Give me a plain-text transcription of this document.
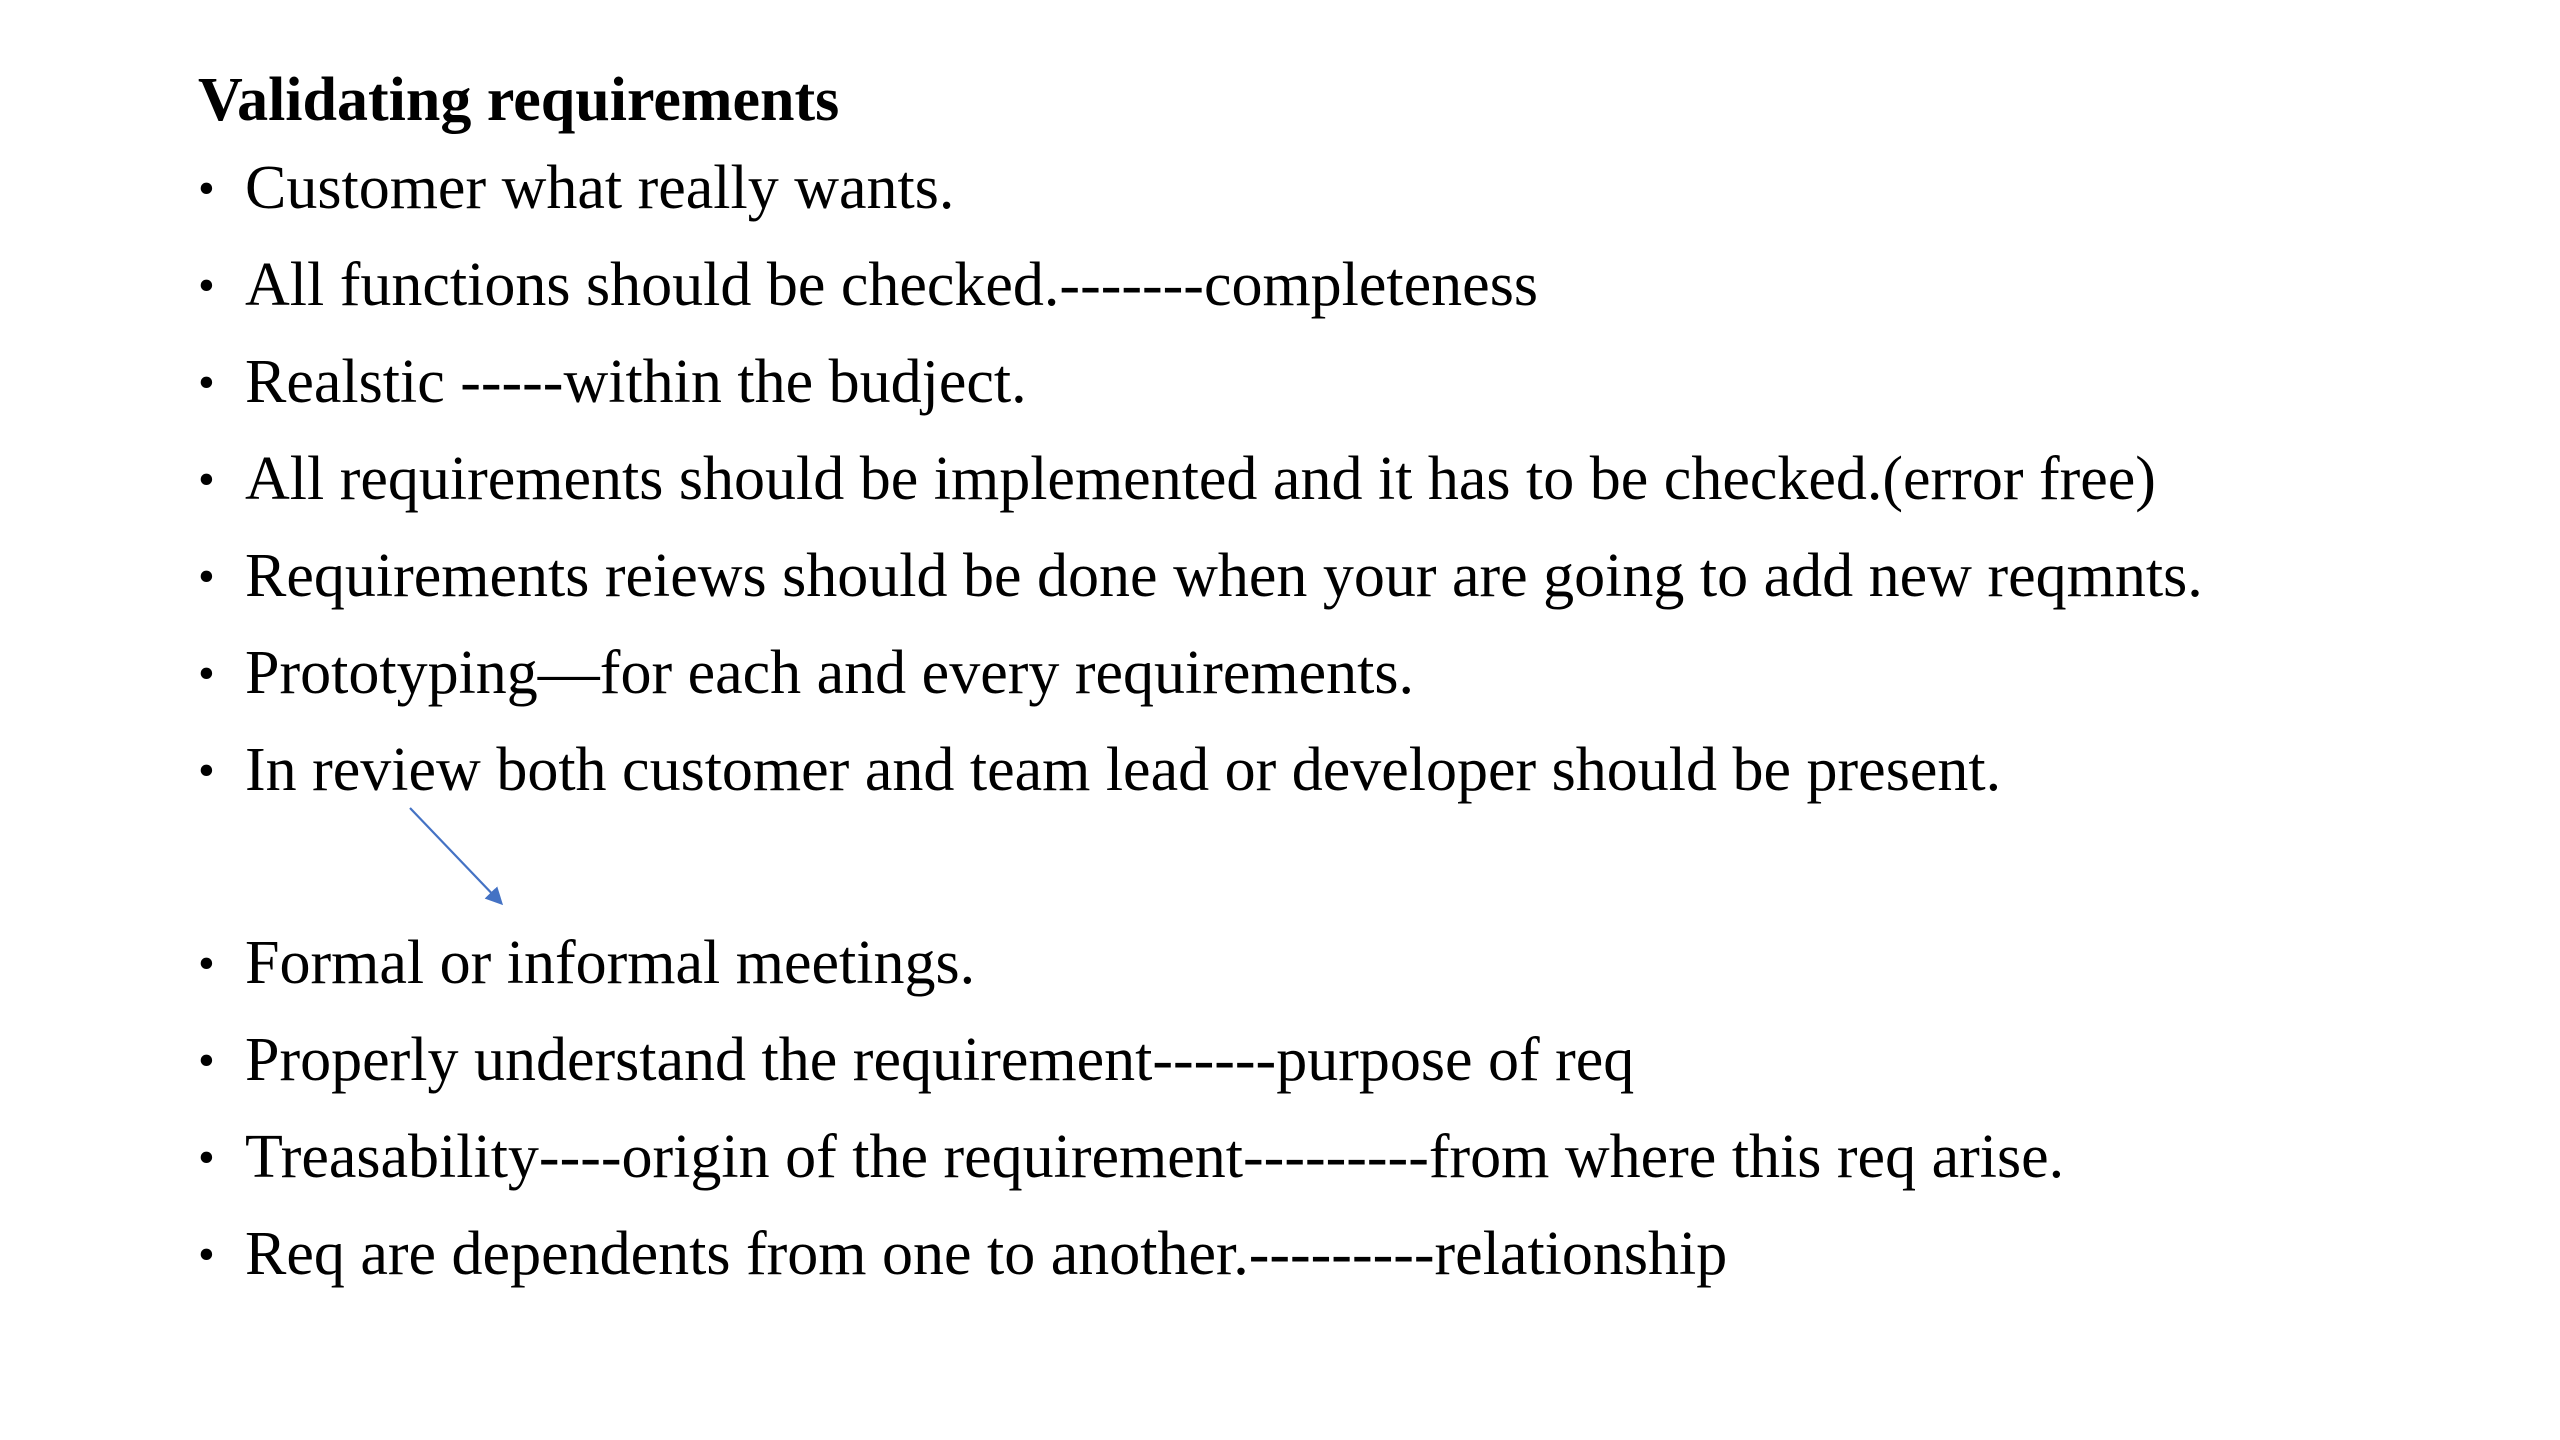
Validating requirements
• Customer what really wants.
• All functions should be checked.-------completeness
• Realstic -----within the budject.
• All requirements should be implemented and it has to be checked.(error free)
• Requirements reiews should be done when your are going to add new reqmnts.
• Prototyping—for each and every requirements.
• In review both customer and team lead or developer should be present.
• Formal or informal meetings.
• Properly understand the requirement------purpose of req
• Treasability----origin of the requirement---------from where this req arise.
• Req are dependents from one to another.---------relationship
